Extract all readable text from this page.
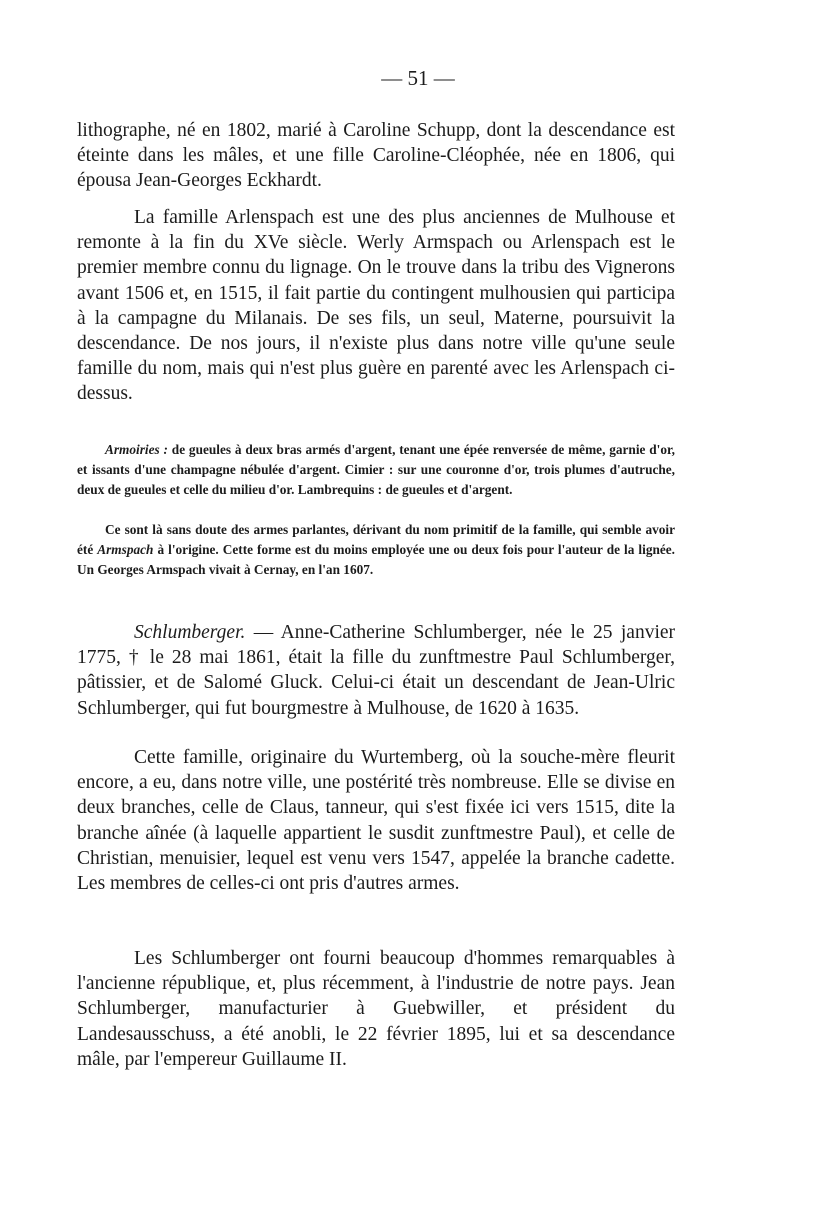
— 51 —

lithographe, né en 1802, marié à Caroline Schupp, dont la descendance est éteinte dans les mâles, et une fille Caroline-Cléophée, née en 1806, qui épousa Jean-Georges Eckhardt.

La famille Arlenspach est une des plus anciennes de Mulhouse et remonte à la fin du XVe siècle. Werly Armspach ou Arlenspach est le premier membre connu du lignage. On le trouve dans la tribu des Vignerons avant 1506 et, en 1515, il fait partie du contingent mulhousien qui participa à la campagne du Milanais. De ses fils, un seul, Materne, poursuivit la descendance. De nos jours, il n'existe plus dans notre ville qu'une seule famille du nom, mais qui n'est plus guère en parenté avec les Arlenspach ci-dessus.

Armoiries : de gueules à deux bras armés d'argent, tenant une épée renversée de même, garnie d'or, et issants d'une champagne nébulée d'argent. Cimier : sur une couronne d'or, trois plumes d'autruche, deux de gueules et celle du milieu d'or. Lambrequins : de gueules et d'argent.

Ce sont là sans doute des armes parlantes, dérivant du nom primitif de la famille, qui semble avoir été Armspach à l'origine. Cette forme est du moins employée une ou deux fois pour l'auteur de la lignée. Un Georges Armspach vivait à Cernay, en l'an 1607.

Schlumberger. — Anne-Catherine Schlumberger, née le 25 janvier 1775, † le 28 mai 1861, était la fille du zunftmestre Paul Schlumberger, pâtissier, et de Salomé Gluck. Celui-ci était un descendant de Jean-Ulric Schlumberger, qui fut bourgmestre à Mulhouse, de 1620 à 1635.

Cette famille, originaire du Wurtemberg, où la souche-mère fleurit encore, a eu, dans notre ville, une postérité très nombreuse. Elle se divise en deux branches, celle de Claus, tanneur, qui s'est fixée ici vers 1515, dite la branche aînée (à laquelle appartient le susdit zunftmestre Paul), et celle de Christian, menuisier, lequel est venu vers 1547, appelée la branche cadette. Les membres de celles-ci ont pris d'autres armes.

Les Schlumberger ont fourni beaucoup d'hommes remarquables à l'ancienne république, et, plus récemment, à l'industrie de notre pays. Jean Schlumberger, manufacturier à Guebwiller, et président du Landesausschuss, a été anobli, le 22 février 1895, lui et sa descendance mâle, par l'empereur Guillaume II.
